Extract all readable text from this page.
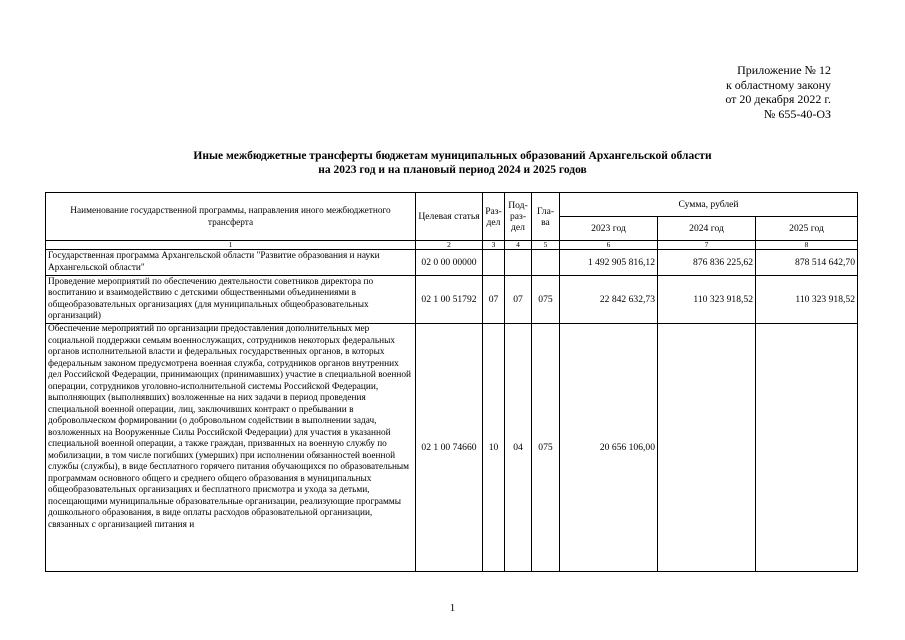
Приложение № 12
к областному закону
от 20 декабря 2022 г.
№ 655-40-ОЗ
Иные межбюджетные трансферты бюджетам муниципальных образований Архангельской области
на 2023 год и на плановый период 2024 и 2025 годов
Наименование государственной программы, направления иного межбюджетного трансферта	Целевая статья	Раз- дел	Под- раз- дел	Гла- ва	Сумма, рублей		
					2023 год	2024 год	2025 год
1	2	3	4	5	6	7	8
Государственная программа Архангельской области "Развитие образования и науки Архангельской области"	02 0 00 00000				1 492 905 816,12	876 836 225,62	878 514 642,70
Проведение мероприятий по обеспечению деятельности советников директора по воспитанию и взаимодействию с детскими общественными объединениями в общеобразовательных организациях (для муниципальных общеобразовательных организаций)	02 1 00 51792	07	07	075	22 842 632,73	110 323 918,52	110 323 918,52
Обеспечение мероприятий по организации предоставления дополнительных мер социальной поддержки семьям военнослужащих, сотрудников некоторых федеральных органов исполнительной власти и федеральных государственных органов, в которых федеральным законом предусмотрена военная служба, сотрудников органов внутренних дел Российской Федерации, принимающих (принимавших) участие в специальной военной операции, сотрудников уголовно-исполнительной системы Российской Федерации, выполняющих (выполнявших) возложенные на них задачи в период проведения специальной военной операции, лиц, заключивших контракт о пребывании в добровольческом формировании (о добровольном содействии в выполнении задач, возложенных на Вооруженные Силы Российской Федерации) для участия в указанной специальной военной операции, а также граждан, призванных на военную службу по мобилизации, в том числе погибших (умерших) при исполнении обязанностей военной службы (службы), в виде бесплатного горячего питания обучающихся по образовательным программам основного общего и среднего общего образования в муниципальных общеобразовательных организациях и бесплатного присмотра и ухода за детьми, посещающими муниципальные образовательные организации, реализующие программы дошкольного образования, в виде оплаты расходов образовательной организации, связанных с организацией питания и	02 1 00 74660	10	04	075	20 656 106,00		
1
